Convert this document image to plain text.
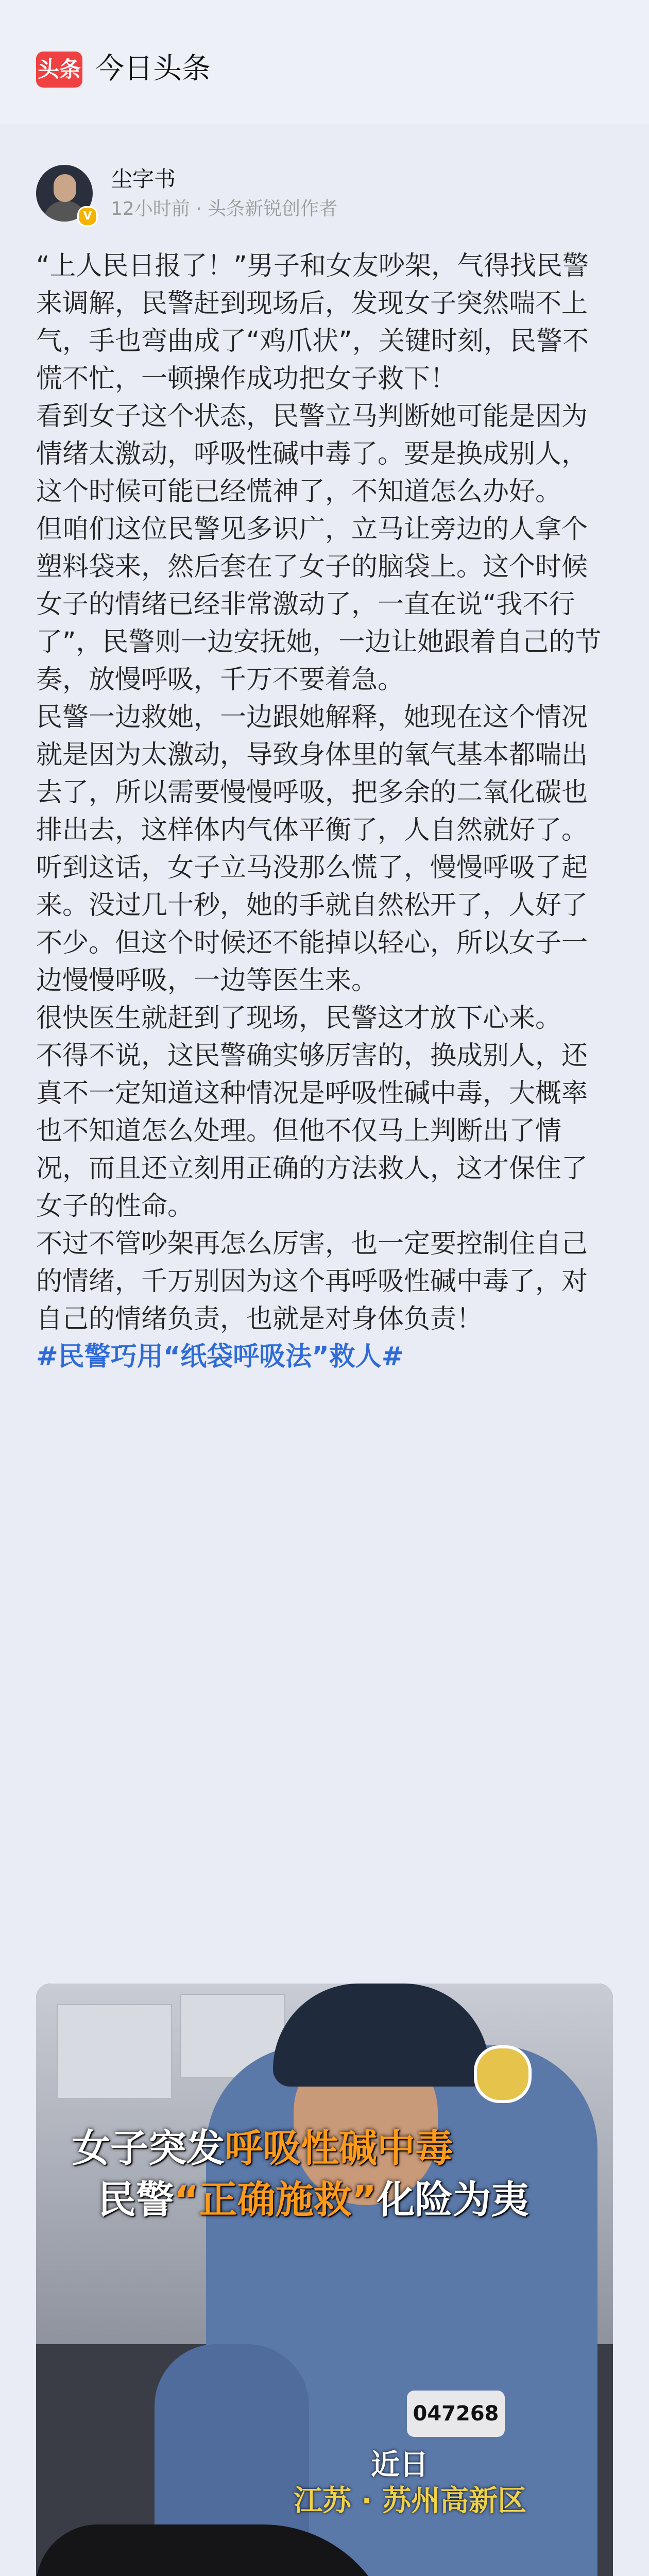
头条 今日头条
V
尘字书
12小时前 · 头条新锐创作者

“上人民日报了！”男子和女友吵架，气得找民警来调解，民警赶到现场后，发现女子突然喘不上气，手也弯曲成了“鸡爪状”，关键时刻，民警不慌不忙，一顿操作成功把女子救下！

看到女子这个状态，民警立马判断她可能是因为情绪太激动，呼吸性碱中毒了。要是换成别人，这个时候可能已经慌神了，不知道怎么办好。

但咱们这位民警见多识广，立马让旁边的人拿个塑料袋来，然后套在了女子的脑袋上。这个时候女子的情绪已经非常激动了，一直在说“我不行了”，民警则一边安抚她，一边让她跟着自己的节奏，放慢呼吸，千万不要着急。

民警一边救她，一边跟她解释，她现在这个情况就是因为太激动，导致身体里的氧气基本都喘出去了，所以需要慢慢呼吸，把多余的二氧化碳也排出去，这样体内气体平衡了，人自然就好了。

听到这话，女子立马没那么慌了，慢慢呼吸了起来。没过几十秒，她的手就自然松开了，人好了不少。但这个时候还不能掉以轻心，所以女子一边慢慢呼吸，一边等医生来。

很快医生就赶到了现场，民警这才放下心来。

不得不说，这民警确实够厉害的，换成别人，还真不一定知道这种情况是呼吸性碱中毒，大概率也不知道怎么处理。但他不仅马上判断出了情况，而且还立刻用正确的方法救人，这才保住了女子的性命。

不过不管吵架再怎么厉害，也一定要控制住自己的情绪，千万别因为这个再呼吸性碱中毒了，对自己的情绪负责，也就是对身体负责！

#民警巧用“纸袋呼吸法”救人#

047268
女子突发呼吸性碱中毒
民警“正确施救”化险为夷
近日
江苏 · 苏州高新区
